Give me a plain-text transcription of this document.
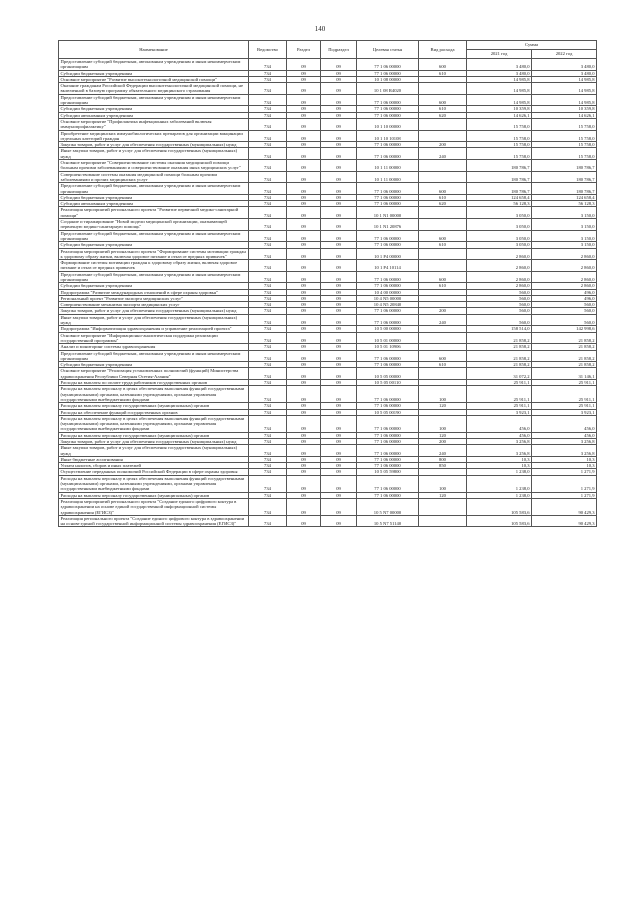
140
Наименование	Ведомство	Раздел	Подраздел	Целевая статья	Вид расхода	Сумма	
						2021 год	2022 год
Предоставление субсидий бюджетным, автономным учреждениям и иным некоммерческим организациям	734	09	09	77 1 06 00000	600	3 480,0	3 480,0
Субсидии бюджетным учреждениям	734	09	09	77 1 06 00000	610	3 480,0	3 480,0
Основное мероприятие "Развитие высокотехнологичной медицинской помощи"	734	09	09	10 1 08 00000		14 985,8	14 985,8
Оказание гражданам Российской Федерации высокотехнологичной медицинской помощи, не включенной в базовую программу обязательного медицинского страхования	734	09	09	10 1 08 R4020		14 985,8	14 985,8
Предоставление субсидий бюджетным, автономным учреждениям и иным некоммерческим организациям	734	09	09	77 1 06 00000	600	14 985,8	14 985,8
Субсидии бюджетным учреждениям	734	09	09	77 1 06 00000	610	10 359,8	10 359,8
Субсидии автономным учреждениям	734	09	09	77 1 06 00000	620	14 626,1	14 626,1
Основное мероприятие "Профилактика инфекционных заболеваний включая иммунопрофилактику"	734	09	09	10 1 10 00000		15 758,0	15 758,0
Приобретение медицинских иммунобиологических препаратов для организации вакцинации отдельных категорий граждан	734	09	09	10 1 10 10108		15 758,0	15 758,0
Закупка товаров, работ и услуг для обеспечения государственных (муниципальных) нужд	734	09	09	77 1 06 00000	200	15 758,0	15 758,0
Иные закупки товаров, работ и услуг для обеспечения государственных (муниципальных) нужд	734	09	09	77 1 06 00000	240	15 758,0	15 758,0
Основное мероприятие "Совершенствование системы оказания медицинской помощи больным прочими заболеваниями и совершенствование оказания иных медицинских услуг"	734	09	09	10 1 11 00000		180 786,7	180 786,7
Совершенствование системы оказания медицинской помощи больным прочими заболеваниями и прочих медицинских услуг	734	09	09	10 1 11 00000		180 786,7	180 786,7
Предоставление субсидий бюджетным, автономным учреждениям и иным некоммерческим организациям	734	09	09	77 1 06 00000	600	180 786,7	180 786,7
Субсидии бюджетным учреждениям	734	09	09	77 1 06 00000	610	124 658,4	124 658,4
Субсидии автономным учреждениям	734	09	09	77 1 06 00000	620	56 128,3	56 128,3
Реализация мероприятий регионального проекта "Развитие первичной медико-санитарной помощи"	734	09	09	10 1 N1 00000		3 050,0	3 150,0
Создание и тиражирование "Новой модели медицинской организации, оказывающей первичную медико-санитарную помощь"	734	09	09	10 1 N1 20876		3 050,0	3 150,0
Предоставление субсидий бюджетным, автономным учреждениям и иным некоммерческим организациям	734	09	09	77 1 06 00000	600	3 050,0	3 150,0
Субсидии бюджетным учреждениям	734	09	09	77 1 06 00000	610	3 050,0	3 150,0
Реализация мероприятий регионального проекта "Формирование системы мотивации граждан к здоровому образу жизни, включая здоровое питание и отказ от вредных привычек"	734	09	09	10 1 P4 00000		2 860,0	2 860,0
Формирование системы мотивации граждан к здоровому образу жизни, включая здоровое питание и отказ от вредных привычек	734	09	09	10 1 P4 10114		2 860,0	2 860,0
Предоставление субсидий бюджетным, автономным учреждениям и иным некоммерческим организациям	734	09	09	77 1 06 00000	600	2 860,0	2 860,0
Субсидии бюджетным учреждениям	734	09	09	77 1 06 00000	610	2 860,0	2 860,0
Подпрограмма "Развитие международных отношений в сфере охраны здоровья"	734	09	09	10 4 00 00000		560,0	496,0
Региональный проект "Развитие экспорта медицинских услуг"	734	09	09	10 4 N5 00000		560,0	496,0
Совершенствование механизма экспорта медицинских услуг	734	09	09	10 4 N5 20840		560,0	560,0
Закупка товаров, работ и услуг для обеспечения государственных (муниципальных) нужд	734	09	09	77 1 06 00000	200	560,0	560,0
Иные закупки товаров, работ и услуг для обеспечения государственных (муниципальных) нужд	734	09	09	77 1 06 00000	240	560,0	560,0
Подпрограмма "Информатизация здравоохранения и управление реализацией проекта"	734	09	09	10 5 00 00000		158 514,0	142 998,6
Основное мероприятие "Информационно-аналитическая поддержка реализации государственной программы"	734	09	09	10 5 01 00000		21 858,2	21 858,2
Анализ и мониторинг системы здравоохранения	734	09	09	10 5 01 10906		21 858,2	21 858,2
Предоставление субсидий бюджетным, автономным учреждениям и иным некоммерческим организациям	734	09	09	77 1 06 00000	600	21 858,2	21 858,2
Субсидии бюджетным учреждениям	734	09	09	77 1 06 00000	610	21 858,2	21 858,2
Основное мероприятие "Реализация установленных полномочий (функций) Министерства здравоохранения Республики Северная Осетия-Алания"	734	09	09	10 5 05 00000		31 072,2	31 146,1
Расходы на выплаты по оплате труда работников государственных органов	734	09	09	10 5 05 00110		25 911,1	25 911,1
Расходы на выплаты персоналу в целях обеспечения выполнения функций государственными (муниципальными) органами, казенными учреждениями, органами управления государственными внебюджетными фондами	734	09	09	77 1 06 00000	100	25 911,1	25 911,1
Расходы на выплаты персоналу государственных (муниципальных) органов	734	09	09	77 1 06 00000	120	25 911,1	25 911,1
Расходы на обеспечение функций государственных органов	734	09	09	10 5 05 00190		3 923,1	3 923,1
Расходы на выплаты персоналу в целях обеспечения выполнения функций государственными (муниципальными) органами, казенными учреждениями, органами управления государственными внебюджетными фондами	734	09	09	77 1 06 00000	100	456,0	456,0
Расходы на выплаты персоналу государственных (муниципальных) органов	734	09	09	77 1 06 00000	120	456,0	456,0
Закупка товаров, работ и услуг для обеспечения государственных (муниципальных) нужд	734	09	09	77 1 06 00000	200	3 256,8	3 256,8
Иные закупки товаров, работ и услуг для обеспечения государственных (муниципальных) нужд	734	09	09	77 1 06 00000	240	3 256,8	3 256,8
Иные бюджетные ассигнования	734	09	09	77 1 06 00000	800	10,3	10,3
Уплата налогов, сборов и иных платежей	734	09	09	77 1 06 00000	850	10,3	10,3
Осуществление переданных полномочий Российской Федерации в сфере охраны здоровья	734	09	09	10 5 05 59800		1 238,0	1 271,9
Расходы на выплаты персоналу в целях обеспечения выполнения функций государственными (муниципальными) органами, казенными учреждениями, органами управления государственными внебюджетными фондами	734	09	09	77 1 06 00000	100	1 238,0	1 271,9
Расходы на выплаты персоналу государственных (муниципальных) органов	734	09	09	77 1 06 00000	120	1 238,0	1 271,9
Реализация мероприятий регионального проекта "Создание единого цифрового контура в здравоохранении на основе единой государственной информационной системы здравоохранения (ЕГИСЗ)"	734	09	09	10 5 N7 00000		105 583,6	90 429,3
Реализация регионального проекта "Создание единого цифрового контура в здравоохранении на основе единой государственной информационной системы здравоохранения (ЕГИСЗ)"	734	09	09	10 5 N7 51140		105 583,6	90 429,3
